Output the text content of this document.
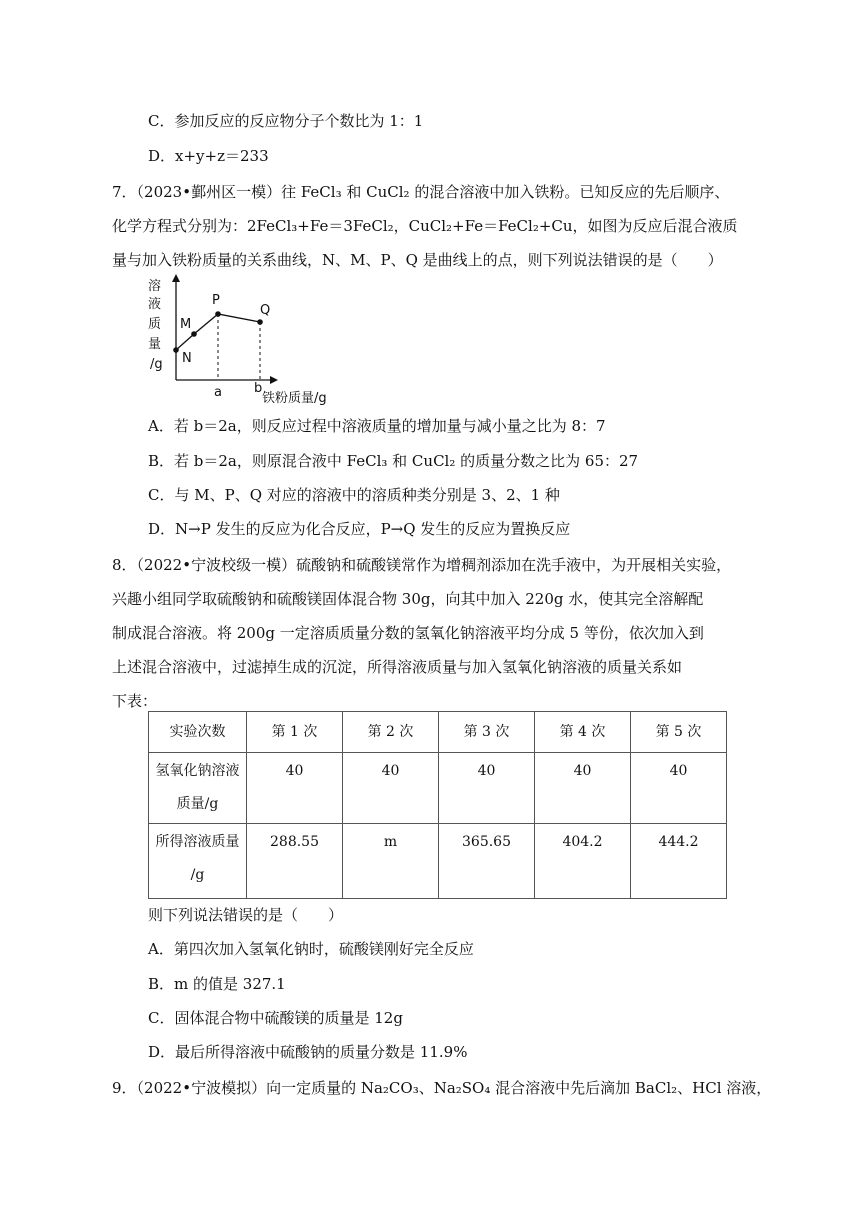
C．参加反应的反应物分子个数比为 1：1
D．x+y+z＝233
7．（2023•鄞州区一模）往 FeCl₃ 和 CuCl₂ 的混合溶液中加入铁粉。已知反应的先后顺序、
化学方程式分别为：2FeCl₃+Fe＝3FeCl₂，CuCl₂+Fe＝FeCl₂+Cu，如图为反应后混合液质
量与加入铁粉质量的关系曲线，N、M、P、Q 是曲线上的点，则下列说法错误的是（　　）
溶
液
质
量
/g N
M
P
Q
a b
铁粉质量/g
A．若 b＝2a，则反应过程中溶液质量的增加量与减小量之比为 8：7
B．若 b＝2a，则原混合液中 FeCl₃ 和 CuCl₂ 的质量分数之比为 65：27
C．与 M、P、Q 对应的溶液中的溶质种类分别是 3、2、1 种
D．N→P 发生的反应为化合反应，P→Q 发生的反应为置换反应
8．（2022•宁波校级一模）硫酸钠和硫酸镁常作为增稠剂添加在洗手液中，为开展相关实验，
兴趣小组同学取硫酸钠和硫酸镁固体混合物 30g，向其中加入 220g 水，使其完全溶解配
制成混合溶液。将 200g 一定溶质质量分数的氢氧化钠溶液平均分成 5 等份，依次加入到
上述混合溶液中，过滤掉生成的沉淀，所得溶液质量与加入氢氧化钠溶液的质量关系如
下表：
实验次数	第 1 次	第 2 次	第 3 次	第 4 次	第 5 次

氢氧化钠溶液
质量/g	40	40	40	40	40

所得溶液质量
/g	288.55	m	365.65	404.2	444.2
则下列说法错误的是（　　）
A．第四次加入氢氧化钠时，硫酸镁刚好完全反应
B．m 的值是 327.1
C．固体混合物中硫酸镁的质量是 12g
D．最后所得溶液中硫酸钠的质量分数是 11.9%
9．（2022•宁波模拟）向一定质量的 Na₂CO₃、Na₂SO₄ 混合溶液中先后滴加 BaCl₂、HCl 溶液，
